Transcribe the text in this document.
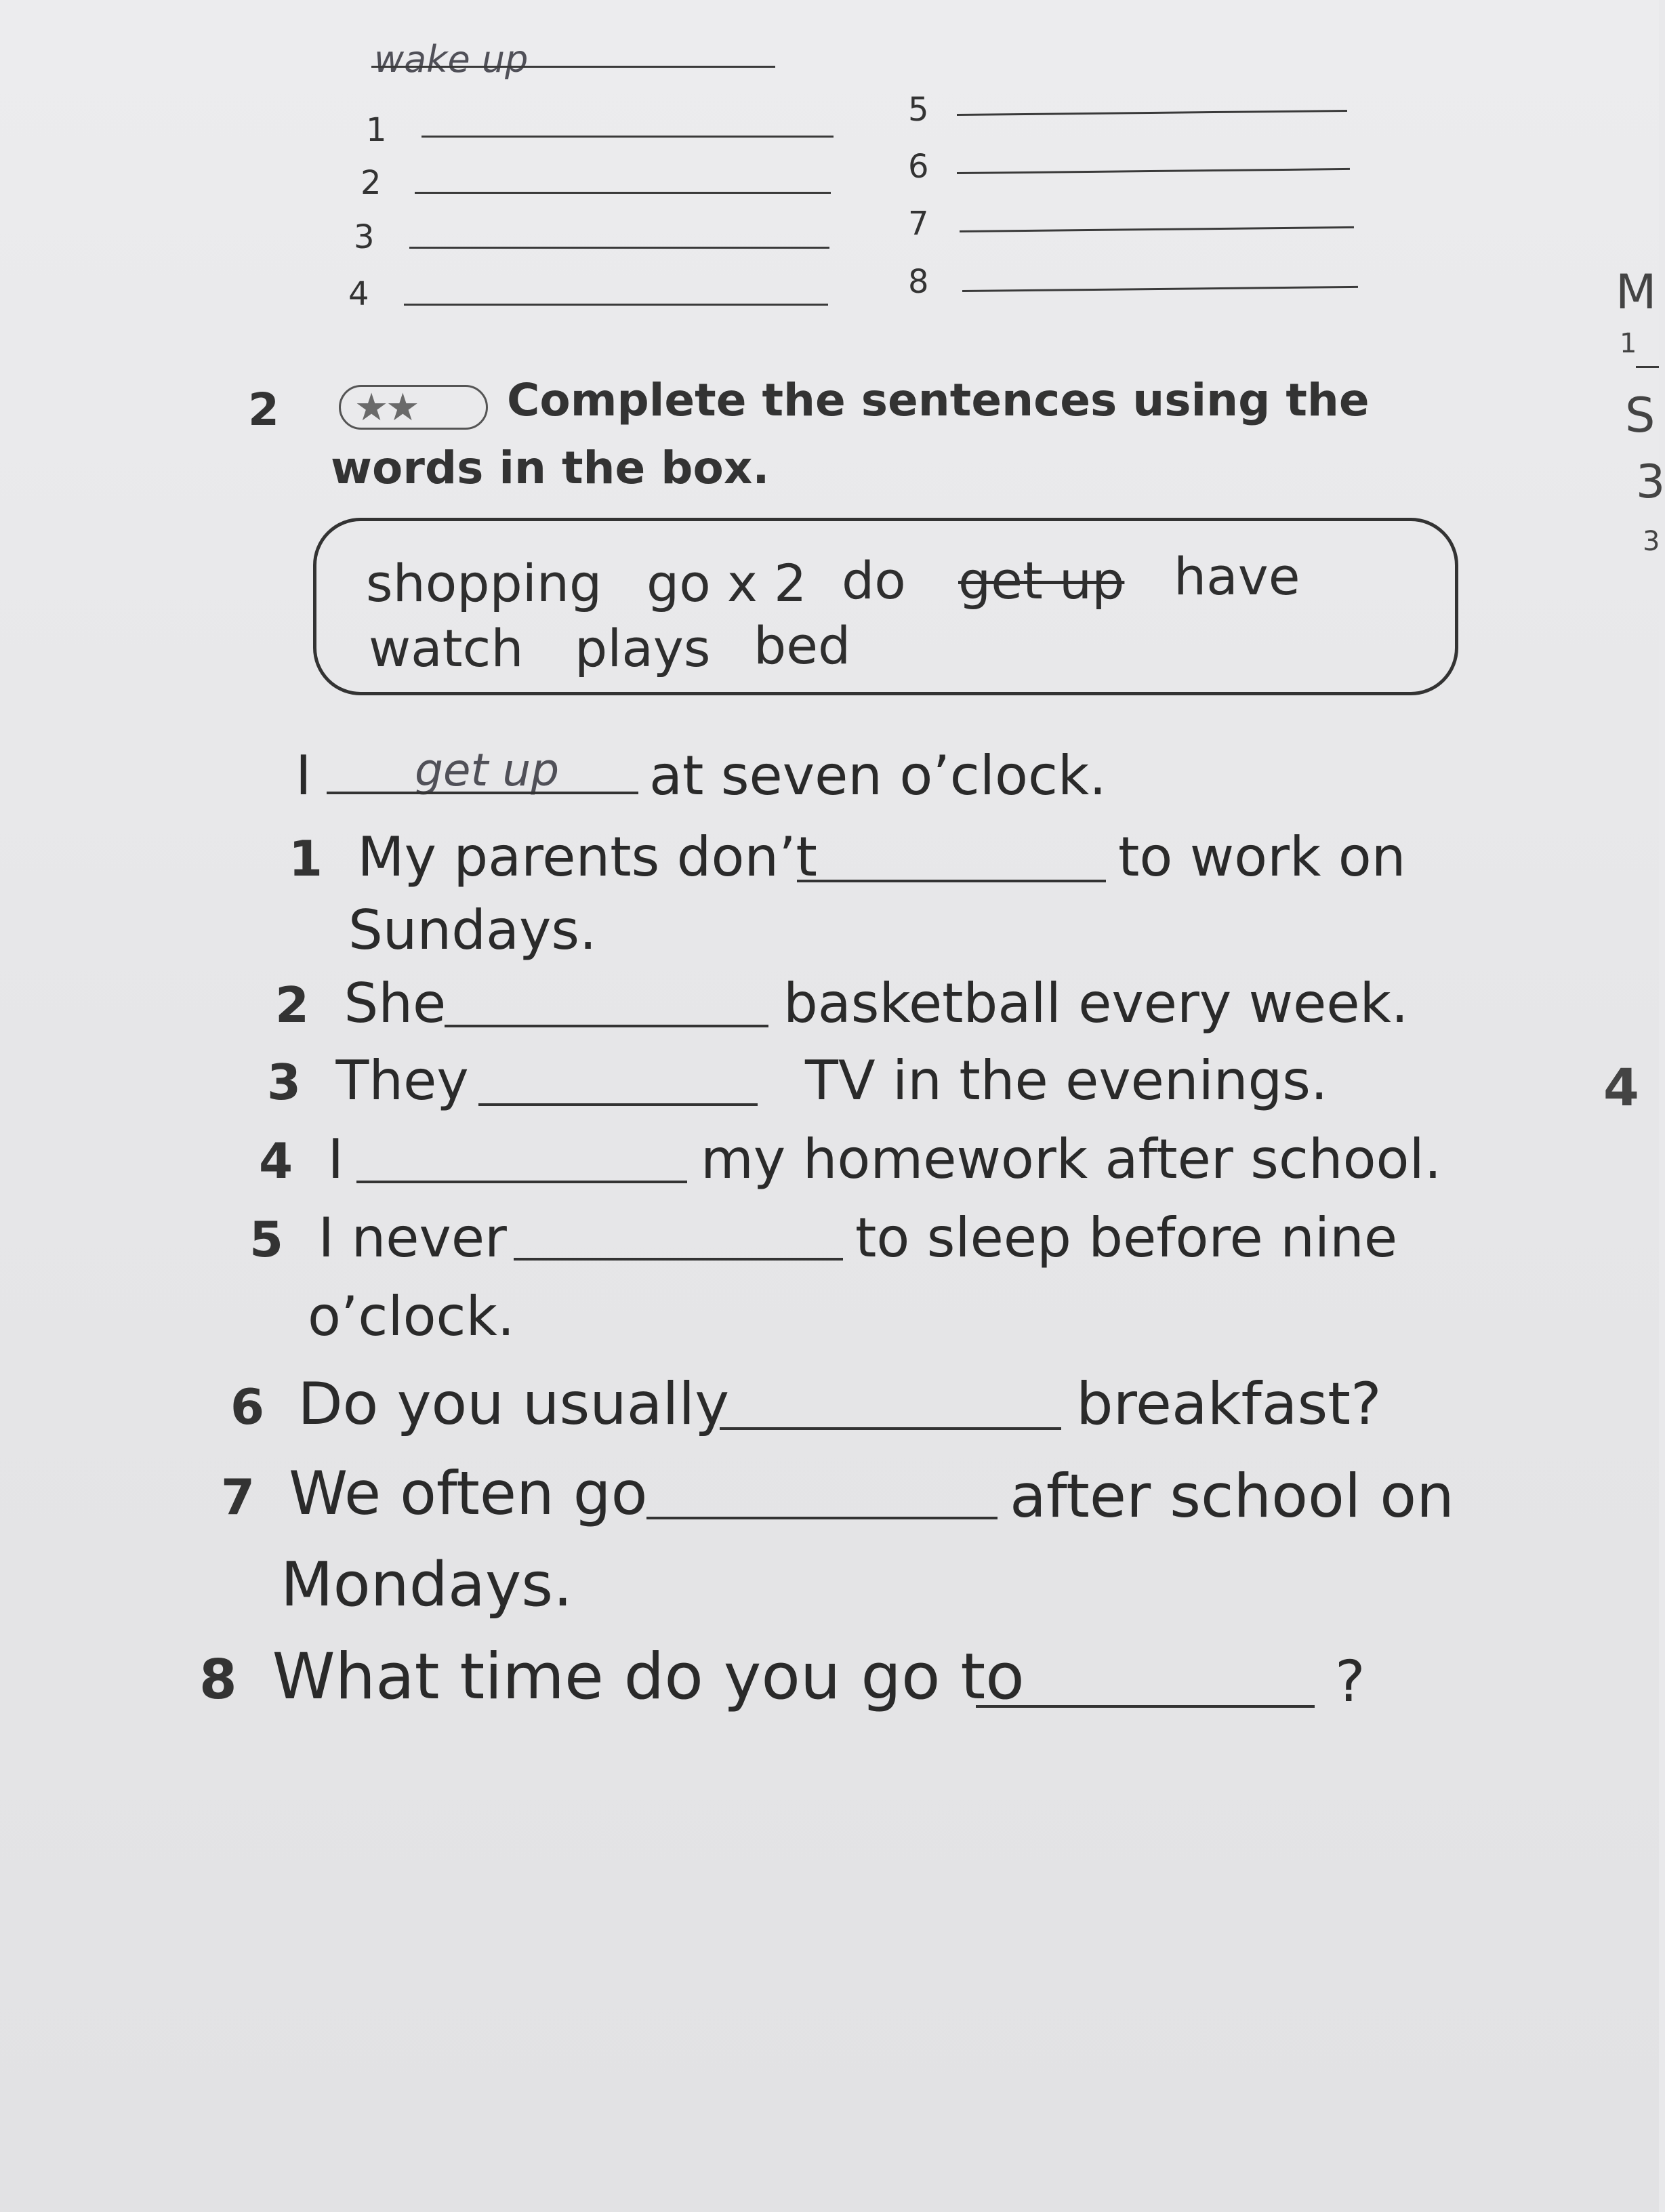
wake up
1
2
3
4
5
6
7
8
2 ★★ Complete the sentences using the
words in the box.
shopping go x 2 do get up have
watch plays bed
I get up at seven o’clock.
1 My parents don’t	to work on
Sundays.
2 She	basketball every week.
3 They	TV in the evenings.
4 I	my homework after school.
5 I never	to sleep before nine
o’clock.
6 Do you usually	breakfast?
7 We often go	after school on
Mondays.
8 What time do you go to	?
M
1
S
3
3
4
